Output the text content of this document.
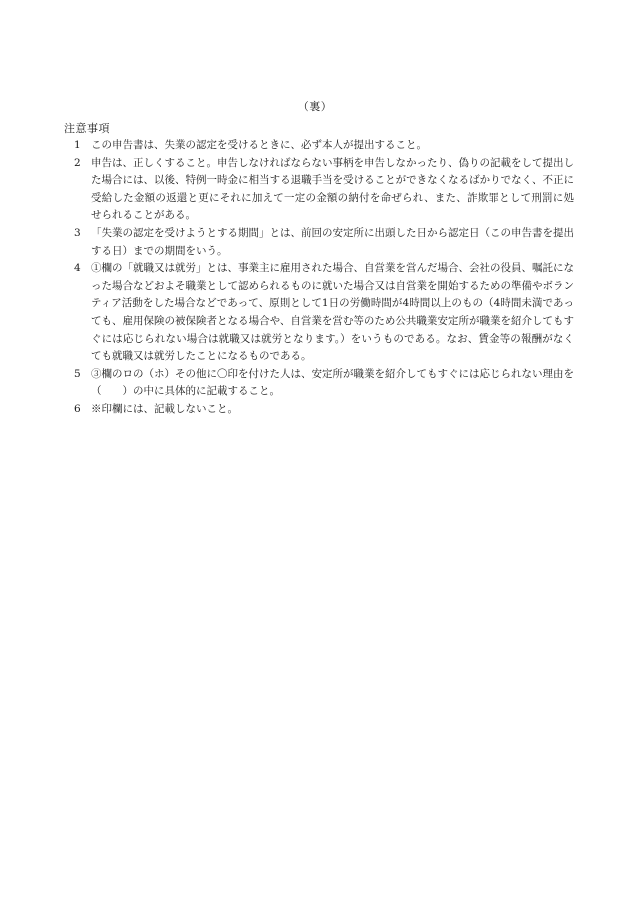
（裏）
注意事項
1 この申告書は、失業の認定を受けるときに、必ず本人が提出すること。
2 申告は、正しくすること。申告しなければならない事柄を申告しなかったり、偽りの記載をして提出した場合には、以後、特例一時金に相当する退職手当を受けることができなくなるばかりでなく、不正に受給した金額の返還と更にそれに加えて一定の金額の納付を命ぜられ、また、詐欺罪として刑罰に処せられることがある。
3 「失業の認定を受けようとする期間」とは、前回の安定所に出頭した日から認定日（この申告書を提出する日）までの期間をいう。
4 ①欄の「就職又は就労」とは、事業主に雇用された場合、自営業を営んだ場合、会社の役員、嘱託になった場合などおよそ職業として認められるものに就いた場合又は自営業を開始するための準備やボランティア活動をした場合などであって、原則として1日の労働時間が4時間以上のもの（4時間未満であっても、雇用保険の被保険者となる場合や、自営業を営む等のため公共職業安定所が職業を紹介してもすぐには応じられない場合は就職又は就労となります。）をいうものである。なお、賃金等の報酬がなくても就職又は就労したことになるものである。
5 ③欄のロの（ホ）その他に〇印を付けた人は、安定所が職業を紹介してもすぐには応じられない理由を（　　）の中に具体的に記載すること。
6 ※印欄には、記載しないこと。
